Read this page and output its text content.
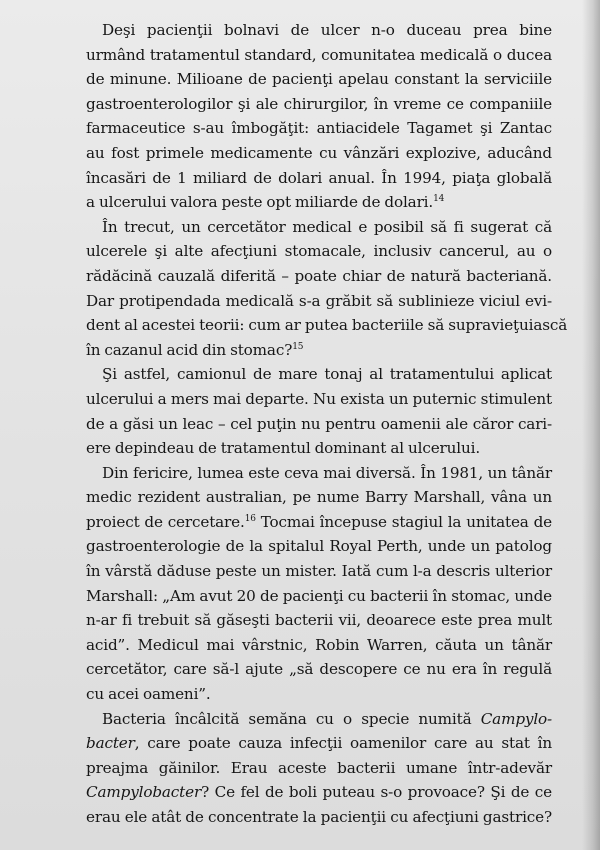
Deşi pacienţii bolnavi de ulcer n-o duceau prea bine
urmând tratamentul standard, comunitatea medicală o ducea
de minune. Milioane de pacienţi apelau constant la serviciile
gastroenterologilor şi ale chirurgilor, în vreme ce companiile
farmaceutice s-au îmbogăţit: antiacidele Tagamet şi Zantac
au fost primele medicamente cu vânzări explozive, aducând
încasări de 1 miliard de dolari anual. În 1994, piaţa globală
a ulcerului valora peste opt miliarde de dolari.$^{14}$
În trecut, un cercetător medical e posibil să fi sugerat că
ulcerele şi alte afecţiuni stomacale, inclusiv cancerul, au o
rădăcină cauzală diferită – poate chiar de natură bacteriană.
Dar protipendada medicală s-a grăbit să sublinieze viciul evi-
dent al acestei teorii: cum ar putea bacteriile să supravieţuiască
în cazanul acid din stomac?$^{15}$
Şi astfel, camionul de mare tonaj al tratamentului aplicat
ulcerului a mers mai departe. Nu exista un puternic stimulent
de a găsi un leac – cel puţin nu pentru oamenii ale căror cari-
ere depindeau de tratamentul dominant al ulcerului.
Din fericire, lumea este ceva mai diversă. În 1981, un tânăr
medic rezident australian, pe nume Barry Marshall, vâna un
proiect de cercetare.$^{16}$ Tocmai începuse stagiul la unitatea de
gastroenterologie de la spitalul Royal Perth, unde un patolog
în vârstă dăduse peste un mister. Iată cum l-a descris ulterior
Marshall: „Am avut 20 de pacienţi cu bacterii în stomac, unde
n-ar fi trebuit să găseşti bacterii vii, deoarece este prea mult
acid”. Medicul mai vârstnic, Robin Warren, căuta un tânăr
cercetător, care să-l ajute „să descopere ce nu era în regulă
cu acei oameni”.
Bacteria încâlcită semăna cu o specie numită Campylo-
bacter, care poate cauza infecţii oamenilor care au stat în
preajma găinilor. Erau aceste bacterii umane într-adevăr
Campylobacter? Ce fel de boli puteau s-o provoace? Şi de ce
erau ele atât de concentrate la pacienţii cu afecţiuni gastrice?
